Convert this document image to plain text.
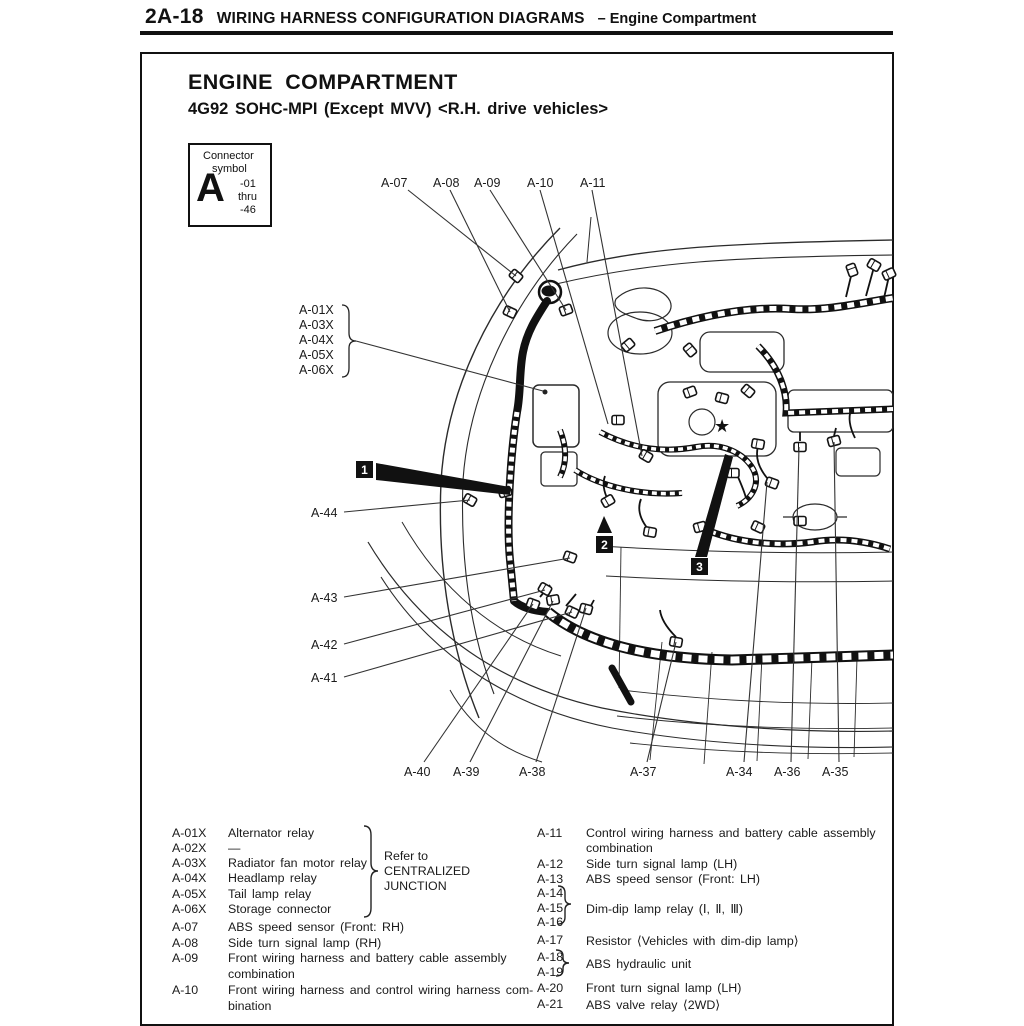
2A-18 WIRING HARNESS CONFIGURATION DIAGRAMS – Engine Compartment
ENGINE COMPARTMENT
4G92 SOHC-MPI (Except MVV) <R.H. drive vehicles>
Connector
symbol
A -01
thru
-46
1
2
3
★
A-07 A-08 A-09 A-10 A-11
A-01X
A-03X
A-04X
A-05X
A-06X
A-44
A-43
A-42
A-41
A-40 A-39	A-38	A-37	A-34 A-36 A-35
A-01X Alternator relay
A-02X —
A-03X Radiator fan motor relay
A-04X Headlamp relay
A-05X Tail lamp relay
A-06X Storage connector
Refer to
CENTRALIZED
JUNCTION
A-07 ABS speed sensor (Front: RH)
A-08 Side turn signal lamp (RH)
A-09 Front wiring harness and battery cable assembly
combination
A-10 Front wiring harness and control wiring harness com-
bination
A-11 Control wiring harness and battery cable assembly
combination
A-12 Side turn signal lamp (LH)
A-13 ABS speed sensor (Front: LH)
A-14
A-15 Dim-dip lamp relay (Ⅰ, Ⅱ, Ⅲ)
A-16
A-17 Resistor ⟨Vehicles with dim-dip lamp⟩
A-18 ABS hydraulic unit
A-19
A-20 Front turn signal lamp (LH)
A-21 ABS valve relay ⟨2WD⟩
